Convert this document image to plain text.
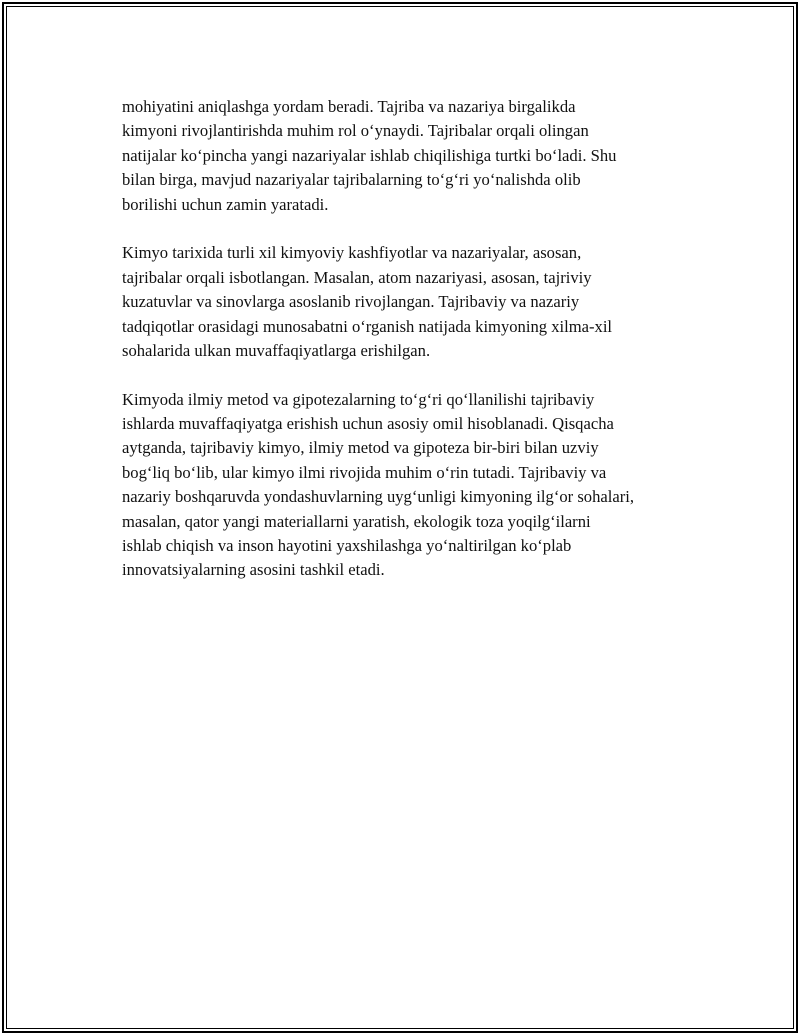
mohiyatini aniqlashga yordam beradi. Tajriba va nazariya birgalikda
kimyoni rivojlantirishda muhim rol o‘ynaydi. Tajribalar orqali olingan
natijalar ko‘pincha yangi nazariyalar ishlab chiqilishiga turtki bo‘ladi. Shu
bilan birga, mavjud nazariyalar tajribalarning to‘g‘ri yo‘nalishda olib
borilishi uchun zamin yaratadi.

Kimyo tarixida turli xil kimyoviy kashfiyotlar va nazariyalar, asosan,
tajribalar orqali isbotlangan. Masalan, atom nazariyasi, asosan, tajriviy
kuzatuvlar va sinovlarga asoslanib rivojlangan. Tajribaviy va nazariy
tadqiqotlar orasidagi munosabatni o‘rganish natijada kimyoning xilma-xil
sohalarida ulkan muvaffaqiyatlarga erishilgan.

Kimyoda ilmiy metod va gipotezalarning to‘g‘ri qo‘llanilishi tajribaviy
ishlarda muvaffaqiyatga erishish uchun asosiy omil hisoblanadi. Qisqacha
aytganda, tajribaviy kimyo, ilmiy metod va gipoteza bir-biri bilan uzviy
bog‘liq bo‘lib, ular kimyo ilmi rivojida muhim o‘rin tutadi. Tajribaviy va
nazariy boshqaruvda yondashuvlarning uyg‘unligi kimyoning ilg‘or sohalari,
masalan, qator yangi materiallarni yaratish, ekologik toza yoqilg‘ilarni
ishlab chiqish va inson hayotini yaxshilashga yo‘naltirilgan ko‘plab
innovatsiyalarning asosini tashkil etadi.
